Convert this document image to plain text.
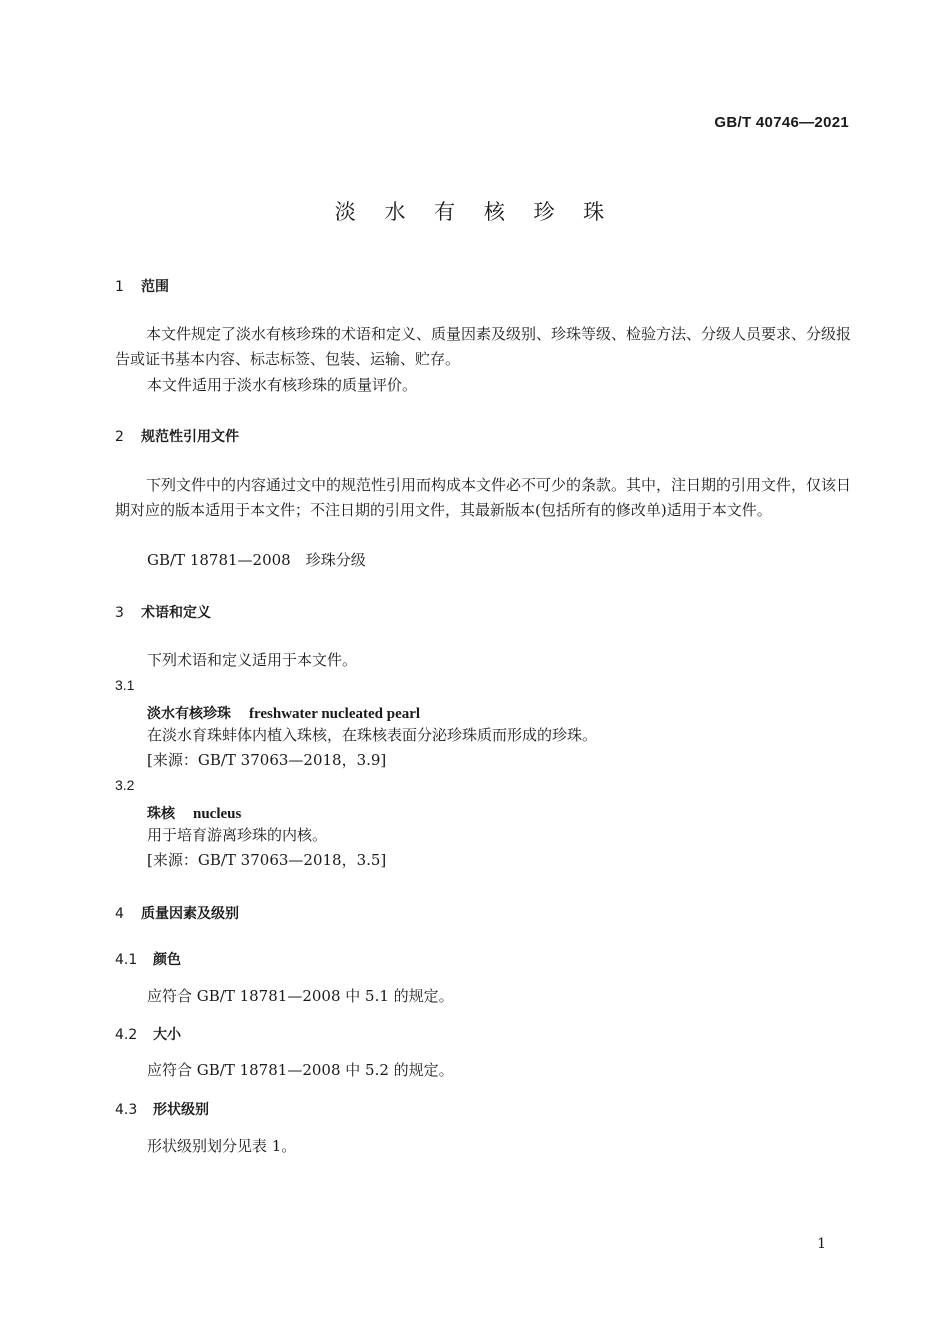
GB/T 40746—2021
淡 水 有 核 珍 珠
1 范围
本文件规定了淡水有核珍珠的术语和定义、质量因素及级别、珍珠等级、检验方法、分级人员要求、分级报告或证书基本内容、标志标签、包装、运输、贮存。
本文件适用于淡水有核珍珠的质量评价。
2 规范性引用文件
下列文件中的内容通过文中的规范性引用而构成本文件必不可少的条款。其中，注日期的引用文件，仅该日期对应的版本适用于本文件；不注日期的引用文件，其最新版本(包括所有的修改单)适用于本文件。
GB/T 18781—2008　珍珠分级
3 术语和定义
下列术语和定义适用于本文件。
3.1
淡水有核珍珠 freshwater nucleated pearl
在淡水育珠蚌体内植入珠核，在珠核表面分泌珍珠质而形成的珍珠。
[来源：GB/T 37063—2018，3.9]
3.2
珠核 nucleus
用于培育游离珍珠的内核。
[来源：GB/T 37063—2018，3.5]
4 质量因素及级别
4.1 颜色
应符合 GB/T 18781—2008 中 5.1 的规定。
4.2 大小
应符合 GB/T 18781—2008 中 5.2 的规定。
4.3 形状级别
形状级别划分见表 1。
1
